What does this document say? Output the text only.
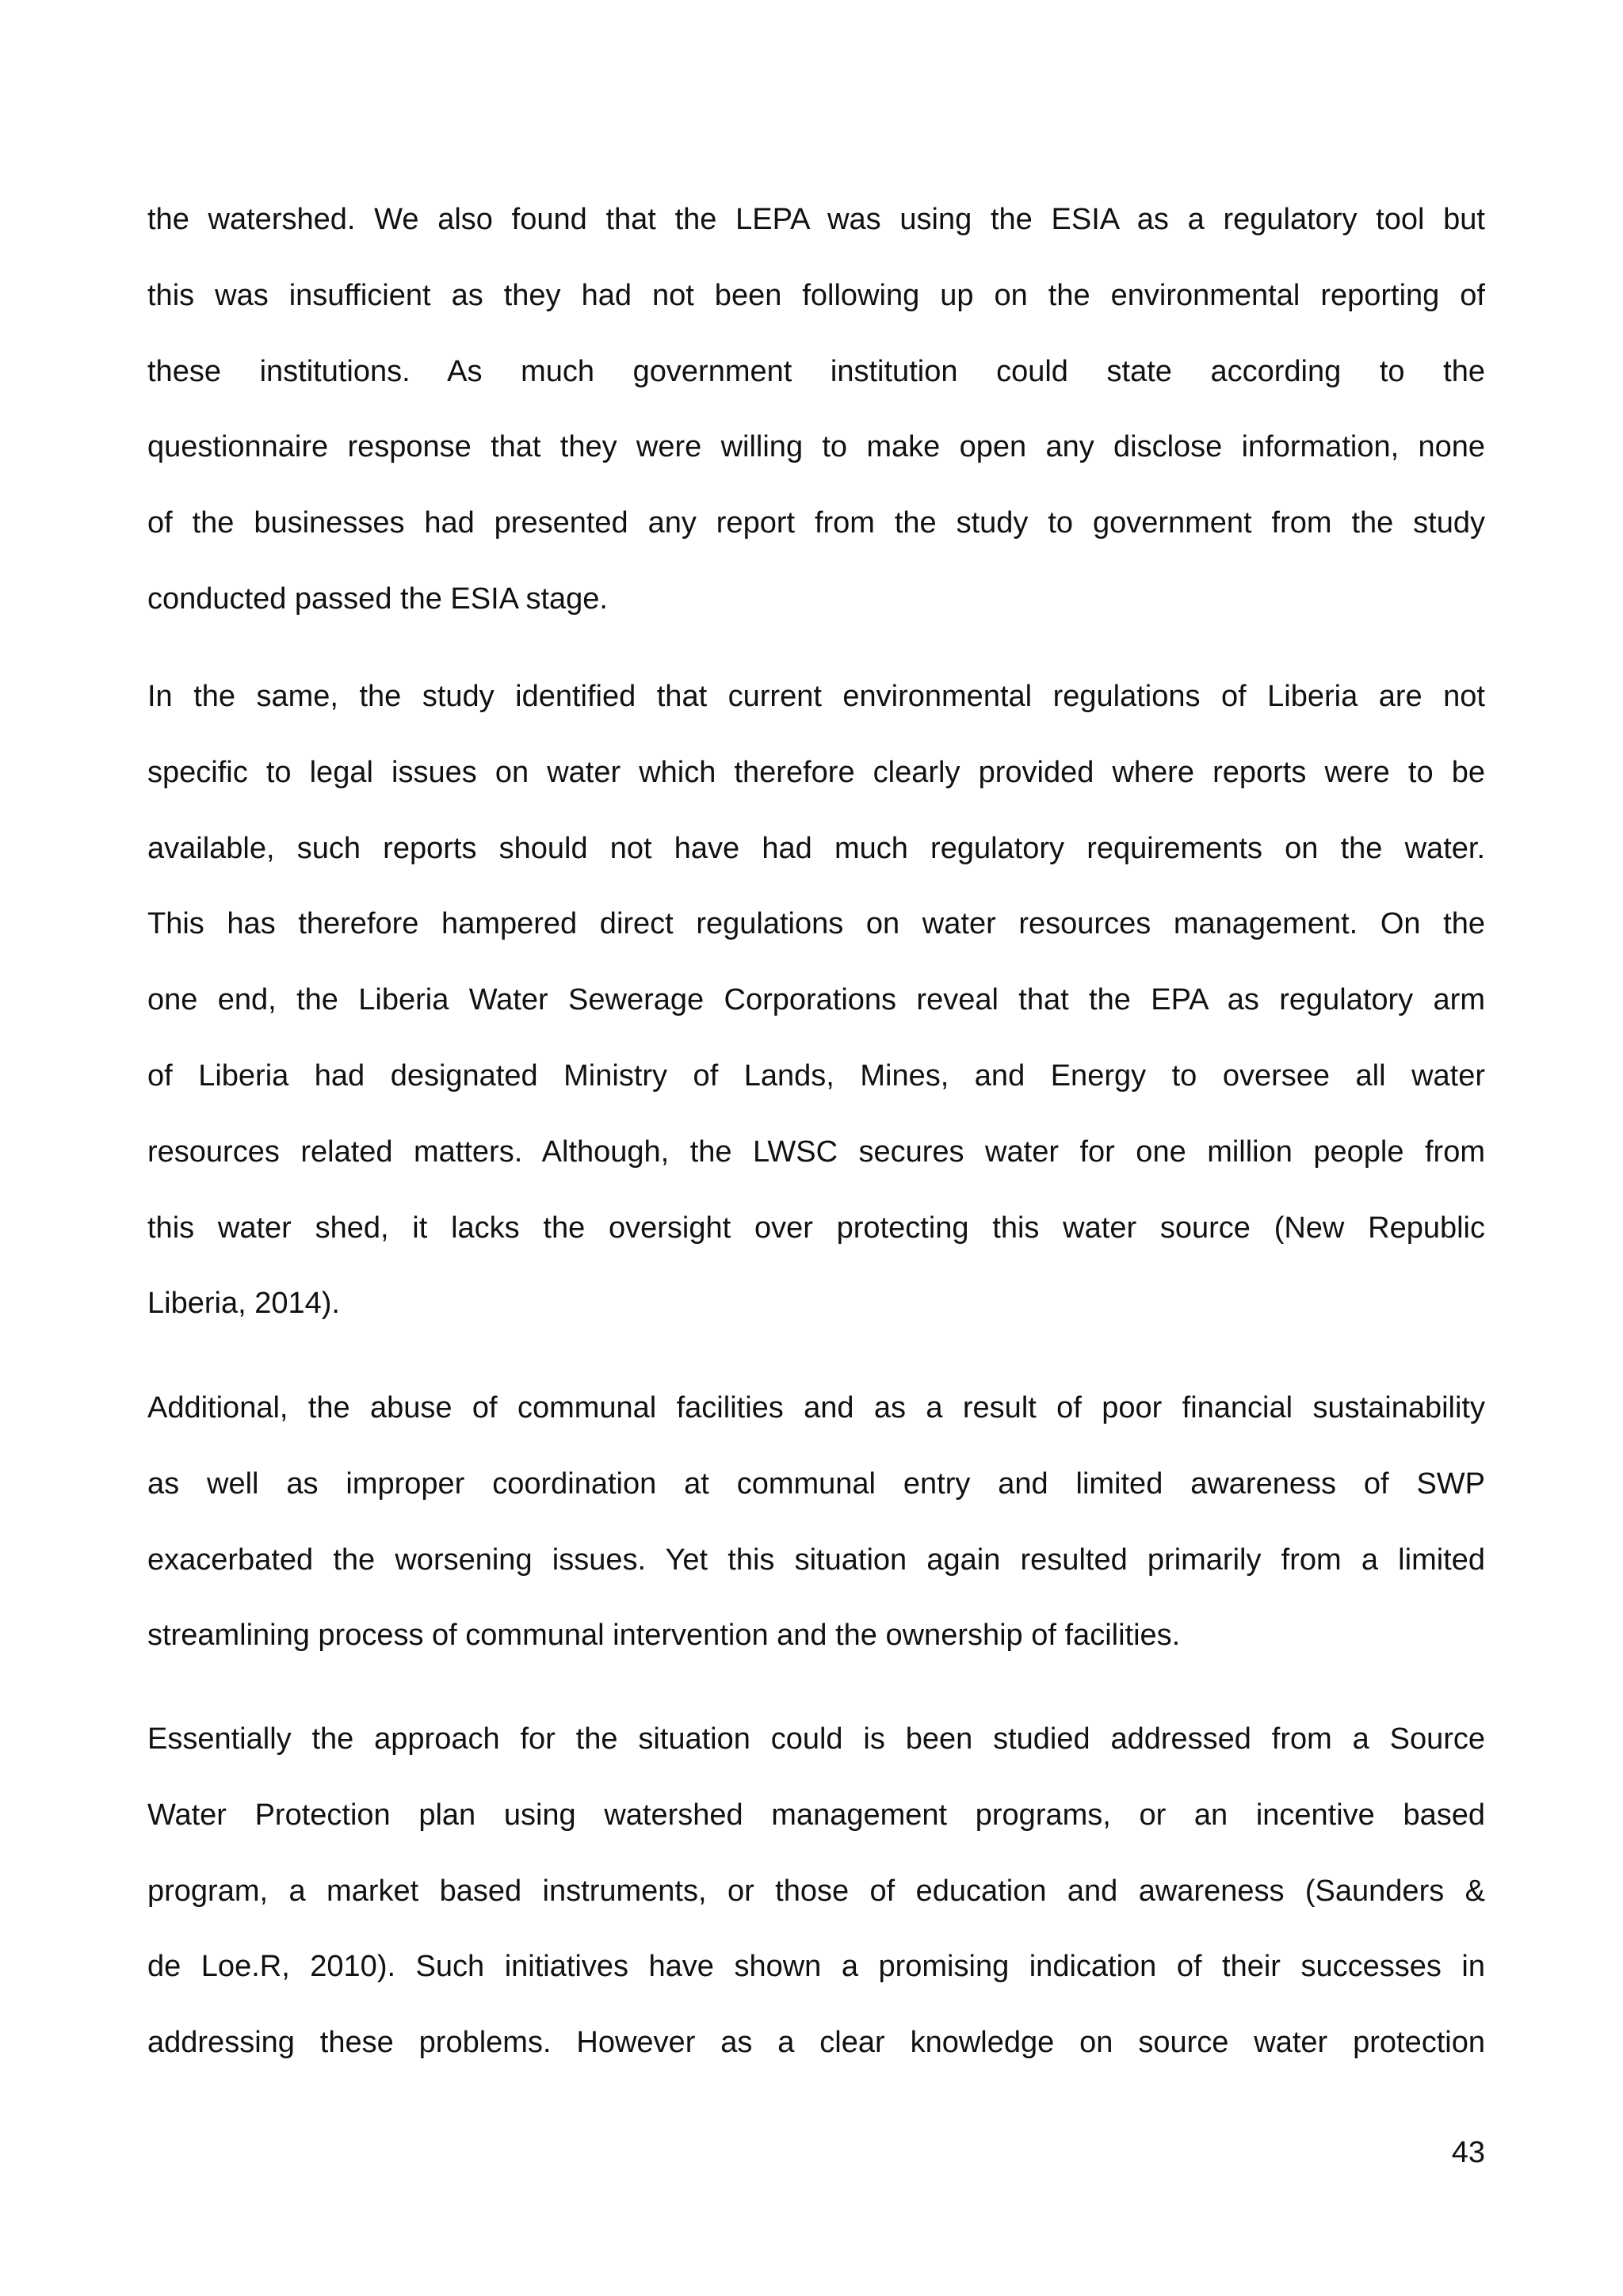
the watershed. We also found that the LEPA was using the ESIA as a regulatory tool but
this was insufficient as they had not been following up on the environmental reporting of
these institutions. As much government institution could state according to the
questionnaire response that they were willing to make open any disclose information, none
of the businesses had presented any report from the study to government from the study
conducted passed the ESIA stage.
In the same, the study identified that current environmental regulations of Liberia are not
specific to legal issues on water which therefore clearly provided where reports were to be
available, such reports should not have had much regulatory requirements on the water.
This has therefore hampered direct regulations on water resources management. On the
one end, the Liberia Water Sewerage Corporations reveal that the EPA as regulatory arm
of Liberia had designated Ministry of Lands, Mines, and Energy to oversee all water
resources related matters. Although, the LWSC secures water for one million people from
this water shed, it lacks the oversight over protecting this water source (New Republic
Liberia, 2014).
Additional, the abuse of communal facilities and as a result of poor financial sustainability
as well as improper coordination at communal entry and limited awareness of SWP
exacerbated the worsening issues. Yet this situation again resulted primarily from a limited
streamlining process of communal intervention and the ownership of facilities.
Essentially the approach for the situation could is been studied addressed from a Source
Water Protection plan using watershed management programs, or an incentive based
program, a market based instruments, or those of education and awareness (Saunders &
de Loe.R, 2010). Such initiatives have shown a promising indication of their successes in
addressing these problems. However as a clear knowledge on source water protection
43
